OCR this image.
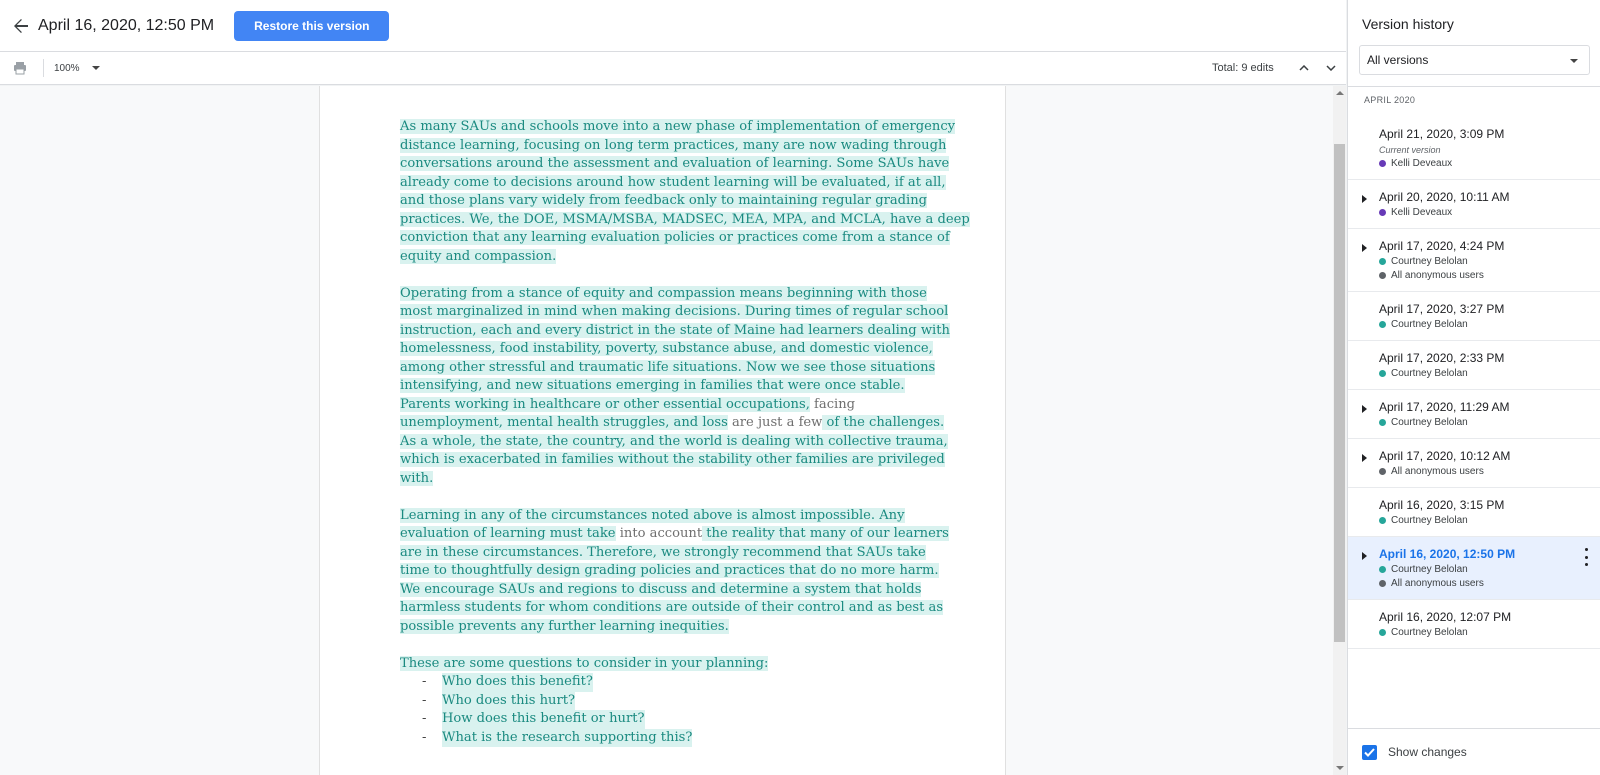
April 16, 2020, 12:50 PM	Restore this version
100%	Total: 9 edits

As many SAUs and schools move into a new phase of implementation of emergency
distance learning, focusing on long term practices, many are now wading through
conversations around the assessment and evaluation of learning. Some SAUs have
already come to decisions around how student learning will be evaluated, if at all,
and those plans vary widely from feedback only to maintaining regular grading
practices. We, the DOE, MSMA/MSBA, MADSEC, MEA, MPA, and MCLA, have a deep
conviction that any learning evaluation policies or practices come from a stance of
equity and compassion.

Operating from a stance of equity and compassion means beginning with those
most marginalized in mind when making decisions. During times of regular school
instruction, each and every district in the state of Maine had learners dealing with
homelessness, food instability, poverty, substance abuse, and domestic violence,
among other stressful and traumatic life situations. Now we see those situations
intensifying, and new situations emerging in families that were once stable.
Parents working in healthcare or other essential occupations, facing
unemployment, mental health struggles, and loss are just a few of the challenges.
As a whole, the state, the country, and the world is dealing with collective trauma,
which is exacerbated in families without the stability other families are privileged
with.

Learning in any of the circumstances noted above is almost impossible. Any
evaluation of learning must take into account the reality that many of our learners
are in these circumstances. Therefore, we strongly recommend that SAUs take
time to thoughtfully design grading policies and practices that do no more harm.
We encourage SAUs and regions to discuss and determine a system that holds
harmless students for whom conditions are outside of their control and as best as
possible prevents any further learning inequities.

These are some questions to consider in your planning:
-	Who does this benefit?
-	Who does this hurt?
-	How does this benefit or hurt?
-	What is the research supporting this?
Version history
All versions
APRIL 2020
April 21, 2020, 3:09 PM
Current version
Kelli Deveaux
April 20, 2020, 10:11 AM
Kelli Deveaux
April 17, 2020, 4:24 PM
Courtney Belolan
All anonymous users
April 17, 2020, 3:27 PM
Courtney Belolan
April 17, 2020, 2:33 PM
Courtney Belolan
April 17, 2020, 11:29 AM
Courtney Belolan
April 17, 2020, 10:12 AM
All anonymous users
April 16, 2020, 3:15 PM
Courtney Belolan
April 16, 2020, 12:50 PM
Courtney Belolan
All anonymous users
April 16, 2020, 12:07 PM
Courtney Belolan
Show changes
